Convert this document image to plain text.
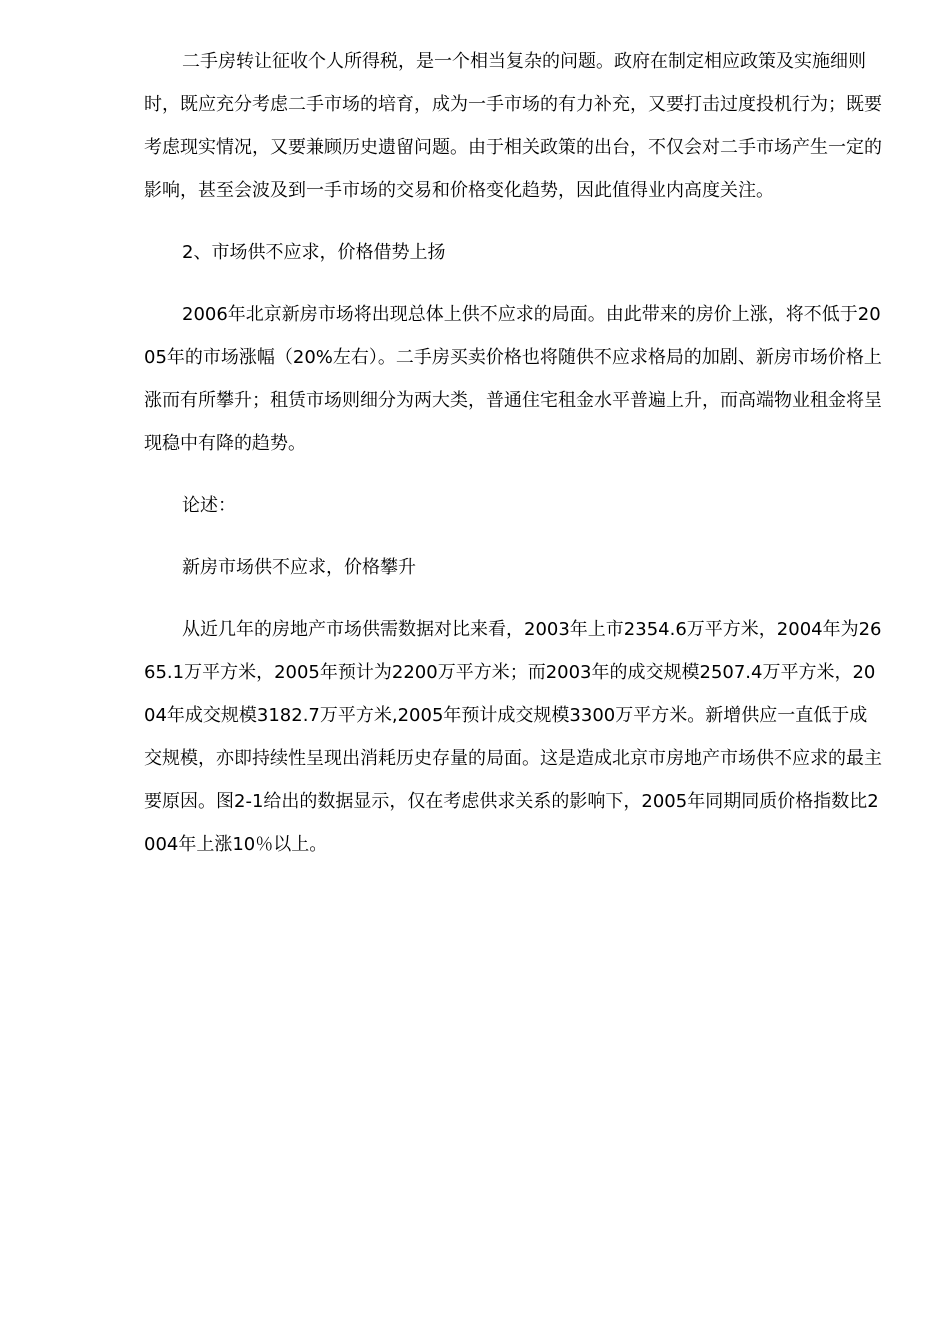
二手房转让征收个人所得税，是一个相当复杂的问题。政府在制定相应政策及实施细则时，既应充分考虑二手市场的培育，成为一手市场的有力补充，又要打击过度投机行为；既要考虑现实情况，又要兼顾历史遗留问题。由于相关政策的出台，不仅会对二手市场产生一定的影响，甚至会波及到一手市场的交易和价格变化趋势，因此值得业内高度关注。

2、市场供不应求，价格借势上扬

2006年北京新房市场将出现总体上供不应求的局面。由此带来的房价上涨，将不低于2005年的市场涨幅（20%左右）。二手房买卖价格也将随供不应求格局的加剧、新房市场价格上涨而有所攀升；租赁市场则细分为两大类，普通住宅租金水平普遍上升，而高端物业租金将呈现稳中有降的趋势。

论述：

新房市场供不应求，价格攀升

从近几年的房地产市场供需数据对比来看，2003年上市2354.6万平方米，2004年为2665.1万平方米，2005年预计为2200万平方米；而2003年的成交规模2507.4万平方米，2004年成交规模3182.7万平方米,2005年预计成交规模3300万平方米。新增供应一直低于成交规模，亦即持续性呈现出消耗历史存量的局面。这是造成北京市房地产市场供不应求的最主要原因。图2-1给出的数据显示，仅在考虑供求关系的影响下，2005年同期同质价格指数比2004年上涨10％以上。
